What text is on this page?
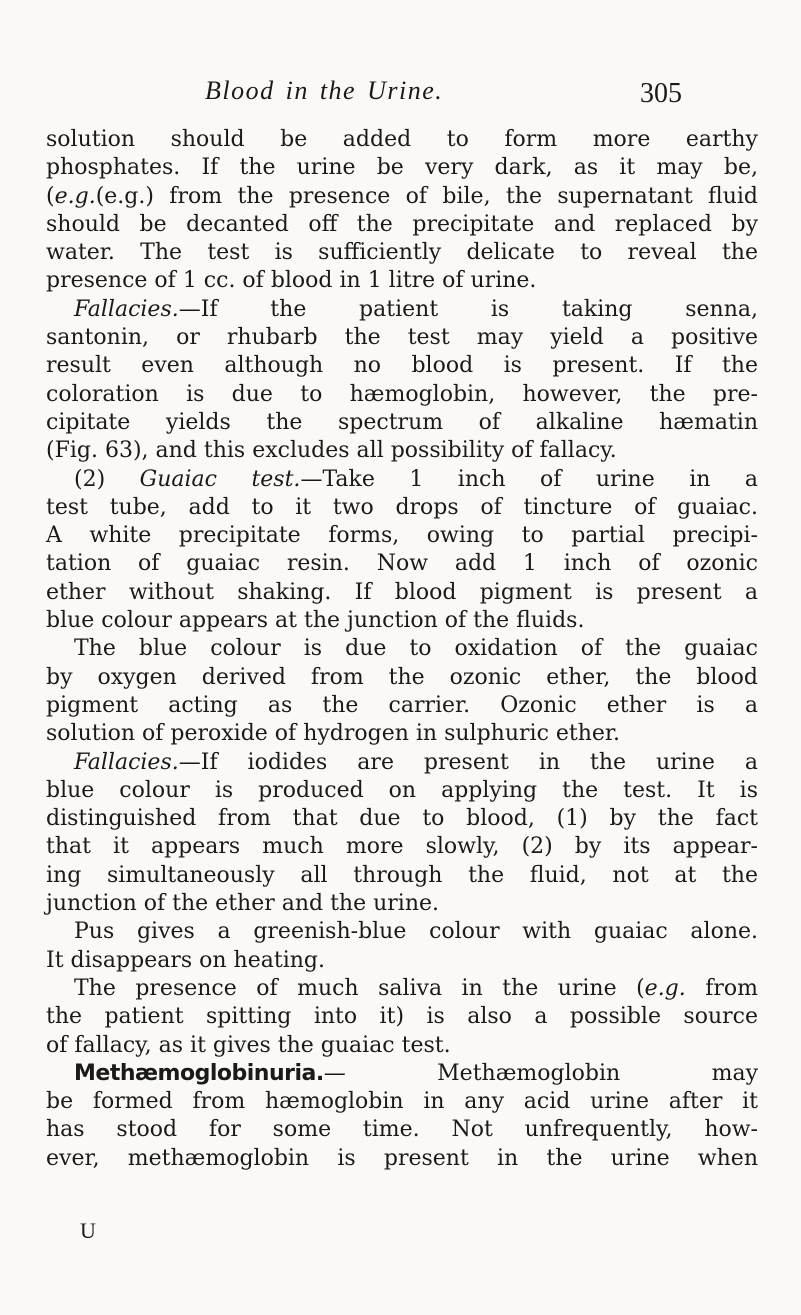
Blood in the Urine.	305
solution should be added to form more earthy
phosphates. If the urine be very dark, as it may be,
(e.g.(e.g.) from the presence of bile, the supernatant fluid
should be decanted off the precipitate and replaced by
water. The test is sufficiently delicate to reveal the
presence of 1 cc. of blood in 1 litre of urine.
Fallacies.—If the patient is taking senna,
santonin, or rhubarb the test may yield a positive
result even although no blood is present. If the
coloration is due to hæmoglobin, however, the pre-
cipitate yields the spectrum of alkaline hæmatin
(Fig. 63), and this excludes all possibility of fallacy.
(2) Guaiac test.—Take 1 inch of urine in a
test tube, add to it two drops of tincture of guaiac.
A white precipitate forms, owing to partial precipi-
tation of guaiac resin. Now add 1 inch of ozonic
ether without shaking. If blood pigment is present a
blue colour appears at the junction of the fluids.
The blue colour is due to oxidation of the guaiac
by oxygen derived from the ozonic ether, the blood
pigment acting as the carrier. Ozonic ether is a
solution of peroxide of hydrogen in sulphuric ether.
Fallacies.—If iodides are present in the urine a
blue colour is produced on applying the test. It is
distinguished from that due to blood, (1) by the fact
that it appears much more slowly, (2) by its appear-
ing simultaneously all through the fluid, not at the
junction of the ether and the urine.
Pus gives a greenish-blue colour with guaiac alone.
It disappears on heating.
The presence of much saliva in the urine (e.g. from
the patient spitting into it) is also a possible source
of fallacy, as it gives the guaiac test.
Methæmoglobinuria.— Methæmoglobin may
be formed from hæmoglobin in any acid urine after it
has stood for some time. Not unfrequently, how-
ever, methæmoglobin is present in the urine when
U
